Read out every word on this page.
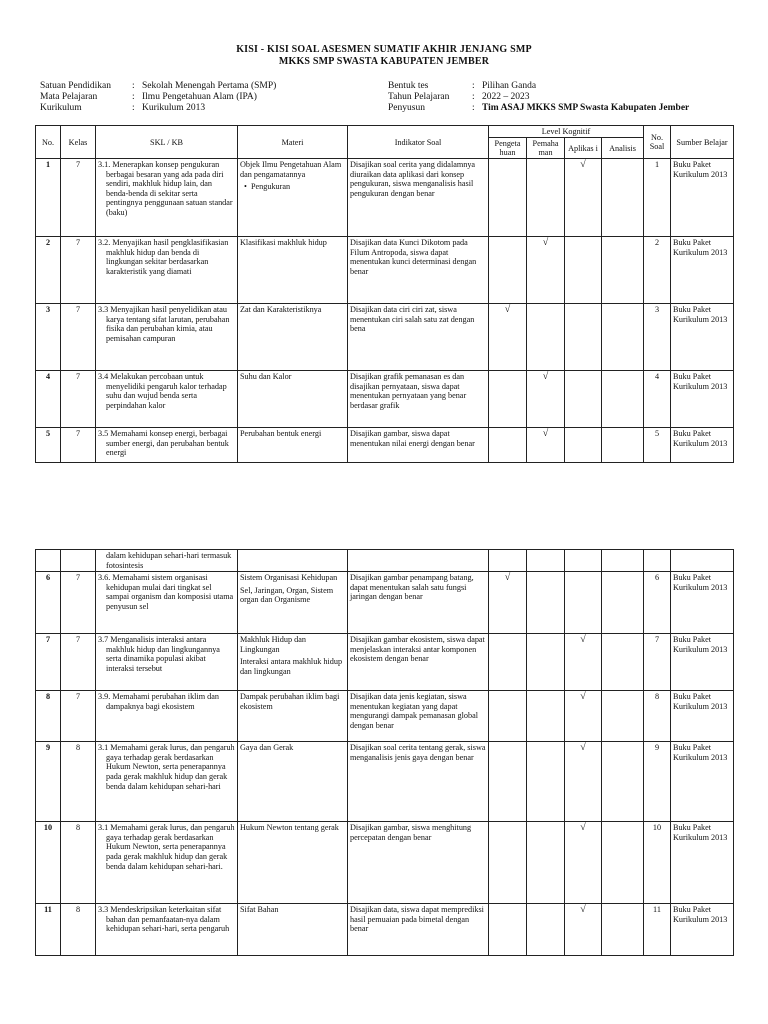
KISI - KISI SOAL ASESMEN SUMATIF AKHIR JENJANG SMP
MKKS SMP SWASTA KABUPATEN JEMBER
Satuan Pendidikan : Sekolah Menengah Pertama (SMP)
Mata Pelajaran	: Ilmu Pengetahuan Alam (IPA)
Kurikulum	: Kurikulum 2013
Bentuk tes	: Pilihan Ganda
Tahun Pelajaran : 2022 – 2023
Penyusun	: Tim ASAJ MKKS SMP Swasta Kabupaten Jember
No.	Kelas	SKL / KB	Materi	Indikator Soal	Level Kognitif				No. Soal	Sumber Belajar
					Pengeta huan	Pemaha man	Aplikas i	Analisis		
1	7	3.1. Menerapkan konsep pengukuran berbagai besaran yang ada pada diri sendiri, makhluk hidup lain, dan benda-benda di sekitar serta pentingnya penggunaan satuan standar (baku)	Objek Ilmu Pengetahuan Alam dan pengamatannya
•  Pengukuran	Disajikan soal cerita yang didalamnya diuraikan data aplikasi dari konsep pengukuran, siswa menganalisis hasil pengukuran dengan benar			√		1	Buku Paket Kurikulum 2013
2	7	3.2. Menyajikan hasil pengklasifikasian makhluk hidup dan benda di lingkungan sekitar berdasarkan karakteristik yang diamati	Klasifikasi makhluk hidup	Disajikan data Kunci Dikotom pada Filum Antropoda, siswa dapat menentukan kunci determinasi dengan benar		√			2	Buku Paket Kurikulum 2013
3	7	3.3 Menyajikan hasil penyelidikan atau karya tentang sifat larutan, perubahan fisika dan perubahan kimia, atau pemisahan campuran	Zat dan Karakteristiknya	Disajikan data ciri ciri zat, siswa menentukan ciri salah satu zat dengan bena	√				3	Buku Paket Kurikulum 2013
4	7	3.4 Melakukan percobaan untuk menyelidiki pengaruh kalor terhadap suhu dan wujud benda serta perpindahan kalor	Suhu dan Kalor	Disajikan grafik pemanasan es dan disajikan pernyataan, siswa dapat menentukan pernyataan yang benar berdasar grafik		√			4	Buku Paket Kurikulum 2013
5	7	3.5 Memahami konsep energi, berbagai sumber energi, dan perubahan bentuk energi	Perubahan bentuk energi	Disajikan gambar, siswa dapat menentukan nilai energi dengan benar		√			5	Buku Paket Kurikulum 2013
		dalam kehidupan sehari-hari termasuk fotosintesis								
6	7	3.6. Memahami sistem organisasi kehidupan mulai dari tingkat sel sampai organism dan komposisi utama penyusun sel	Sistem Organisasi Kehidupan
Sel, Jaringan, Organ, Sistem organ dan Organisme	Disajikan gambar penampang batang, dapat menentukan salah satu fungsi jaringan dengan benar	√				6	Buku Paket Kurikulum 2013
7	7	3.7 Menganalisis interaksi antara makhluk hidup dan lingkungannya serta dinamika populasi akibat interaksi tersebut	Makhluk Hidup dan Lingkungan
Interaksi antara makhluk hidup dan lingkungan	Disajikan gambar ekosistem, siswa dapat menjelaskan interaksi antar komponen ekosistem dengan benar			√		7	Buku Paket Kurikulum 2013
8	7	3.9. Memahami perubahan iklim dan dampaknya bagi ekosistem	Dampak perubahan iklim bagi ekosistem	Disajikan data jenis kegiatan, siswa menentukan kegiatan yang dapat mengurangi dampak pemanasan global dengan benar			√		8	Buku Paket Kurikulum 2013
9	8	3.1 Memahami gerak lurus, dan pengaruh gaya terhadap gerak berdasarkan Hukum Newton, serta penerapannya pada gerak makhluk hidup dan gerak benda dalam kehidupan sehari-hari	Gaya dan Gerak	Disajikan soal cerita tentang gerak, siswa menganalisis jenis gaya dengan benar			√		9	Buku Paket Kurikulum 2013
10	8	3.1 Memahami gerak lurus, dan pengaruh gaya terhadap gerak berdasarkan Hukum Newton, serta penerapannya pada gerak makhluk hidup dan gerak benda dalam kehidupan sehari-hari.	Hukum Newton tentang gerak	Disajikan gambar, siswa menghitung percepatan dengan benar			√		10	Buku Paket Kurikulum 2013
11	8	3.3 Mendeskripsikan keterkaitan sifat bahan dan pemanfaatan-nya dalam kehidupan sehari-hari, serta pengaruh	Sifat Bahan	Disajikan data, siswa dapat memprediksi hasil pemuaian pada bimetal dengan benar			√		11	Buku Paket Kurikulum 2013
